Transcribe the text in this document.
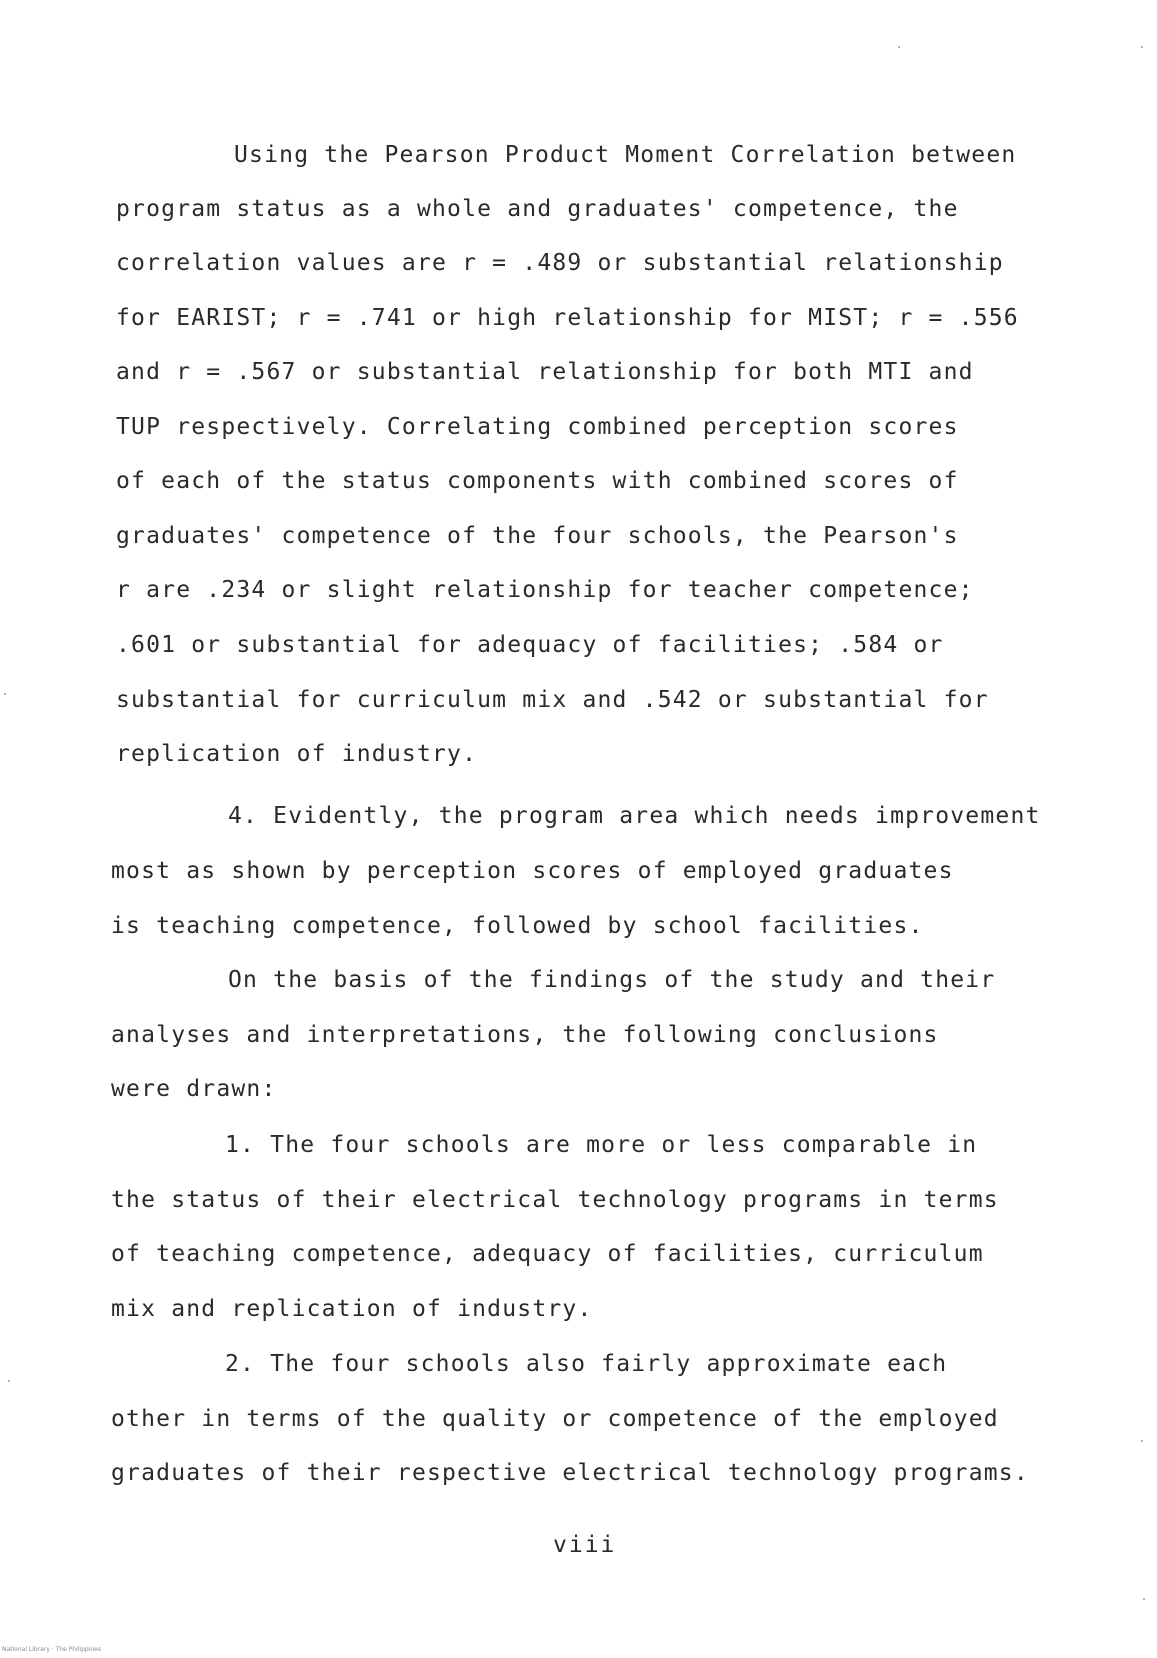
Using the Pearson Product Moment Correlation between
program status as a whole and graduates' competence, the
correlation values are r = .489 or substantial relationship
for EARIST; r = .741 or high relationship for MIST; r = .556
and r = .567 or substantial relationship for both MTI and
TUP respectively. Correlating combined perception scores
of each of the status components with combined scores of
graduates' competence of the four schools, the Pearson's
r are .234 or slight relationship for teacher competence;
.601 or substantial for adequacy of facilities; .584 or
substantial for curriculum mix and .542 or substantial for
replication of industry.
4. Evidently, the program area which needs improvement
most as shown by perception scores of employed graduates
is teaching competence, followed by school facilities.
On the basis of the findings of the study and their
analyses and interpretations, the following conclusions
were drawn:
1. The four schools are more or less comparable in
the status of their electrical technology programs in terms
of teaching competence, adequacy of facilities, curriculum
mix and replication of industry.
2. The four schools also fairly approximate each
other in terms of the quality or competence of the employed
graduates of their respective electrical technology programs.
viii
National Library · The Philippines
